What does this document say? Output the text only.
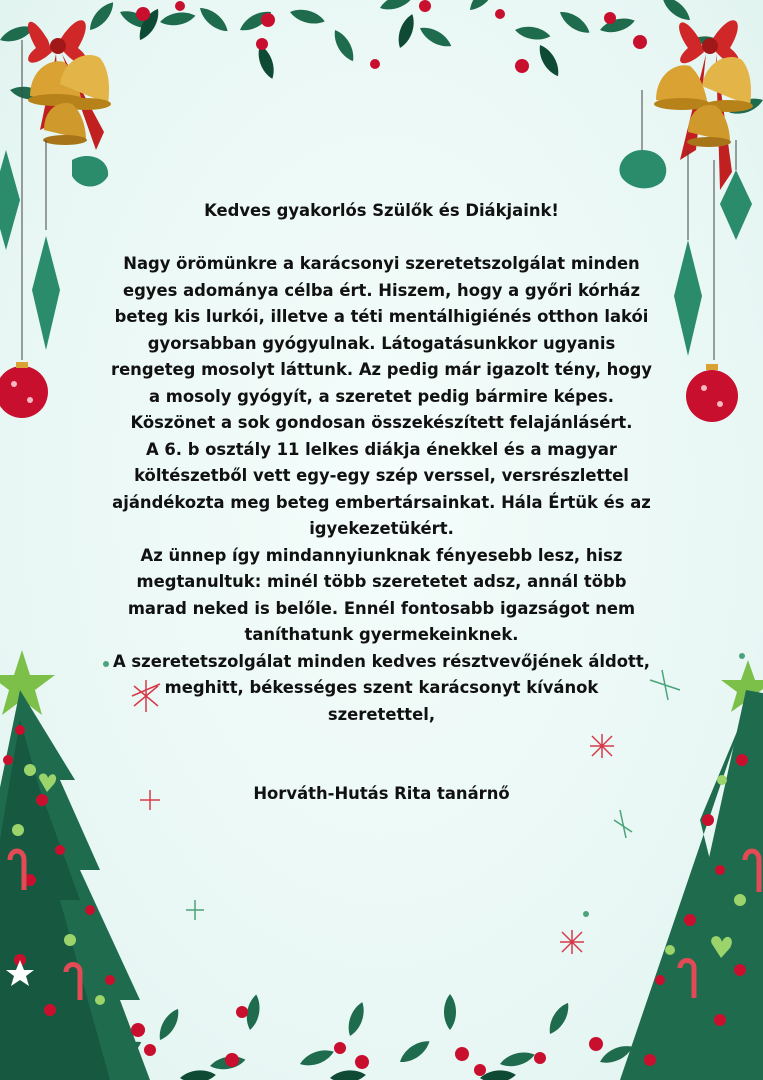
Kedves gyakorlós Szülők és Diákjaink!

Nagy örömünkre a karácsonyi szeretetszolgálat minden

egyes adománya célba ért. Hiszem, hogy a győri kórház

beteg kis lurkói, illetve a téti mentálhigiénés otthon lakói

gyorsabban gyógyulnak. Látogatásunkkor ugyanis

rengeteg mosolyt láttunk. Az pedig már igazolt tény, hogy

a mosoly gyógyít, a szeretet pedig bármire képes.

Köszönet a sok gondosan összekészített felajánlásért.

A 6. b osztály 11 lelkes diákja énekkel és a magyar

költészetből vett egy-egy szép verssel, versrészlettel

ajándékozta meg beteg embertársainkat. Hála Értük és az

igyekezetükért.

Az ünnep így mindannyiunknak fényesebb lesz, hisz

megtanultuk: minél több szeretetet adsz, annál több

marad neked is belőle. Ennél fontosabb igazságot nem

taníthatunk gyermekeinknek.

A szeretetszolgálat minden kedves résztvevőjének áldott,

meghitt, békességes szent karácsonyt kívánok

szeretettel,

Horváth-Hutás Rita tanárnő
